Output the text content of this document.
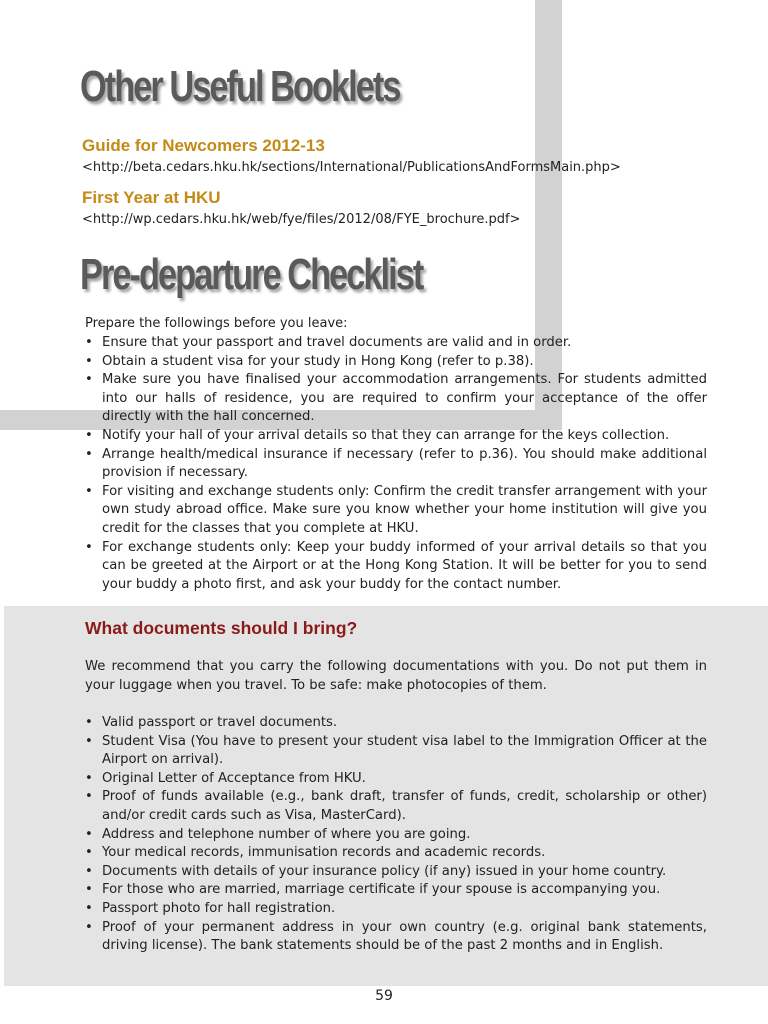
Other Useful Booklets
Guide for Newcomers 2012-13
<http://beta.cedars.hku.hk/sections/International/PublicationsAndFormsMain.php>
First Year at HKU
<http://wp.cedars.hku.hk/web/fye/files/2012/08/FYE_brochure.pdf>
Pre-departure Checklist
Prepare the followings before you leave:
• Ensure that your passport and travel documents are valid and in order.
• Obtain a student visa for your study in Hong Kong (refer to p.38).
• Make sure you have finalised your accommodation arrangements. For students admitted into our halls of residence, you are required to confirm your acceptance of the offer directly with the hall concerned.
• Notify your hall of your arrival details so that they can arrange for the keys collection.
• Arrange health/medical insurance if necessary (refer to p.36). You should make additional provision if necessary.
• For visiting and exchange students only: Confirm the credit transfer arrangement with your own study abroad office. Make sure you know whether your home institution will give you credit for the classes that you complete at HKU.
• For exchange students only: Keep your buddy informed of your arrival details so that you can be greeted at the Airport or at the Hong Kong Station. It will be better for you to send your buddy a photo first, and ask your buddy for the contact number.
What documents should I bring?
We recommend that you carry the following documentations with you. Do not put them in your luggage when you travel. To be safe: make photocopies of them.
• Valid passport or travel documents.
• Student Visa (You have to present your student visa label to the Immigration Officer at the Airport on arrival).
• Original Letter of Acceptance from HKU.
• Proof of funds available (e.g., bank draft, transfer of funds, credit, scholarship or other) and/or credit cards such as Visa, MasterCard).
• Address and telephone number of where you are going.
• Your medical records, immunisation records and academic records.
• Documents with details of your insurance policy (if any) issued in your home country.
• For those who are married, marriage certificate if your spouse is accompanying you.
• Passport photo for hall registration.
• Proof of your permanent address in your own country (e.g. original bank statements, driving license). The bank statements should be of the past 2 months and in English.
59
